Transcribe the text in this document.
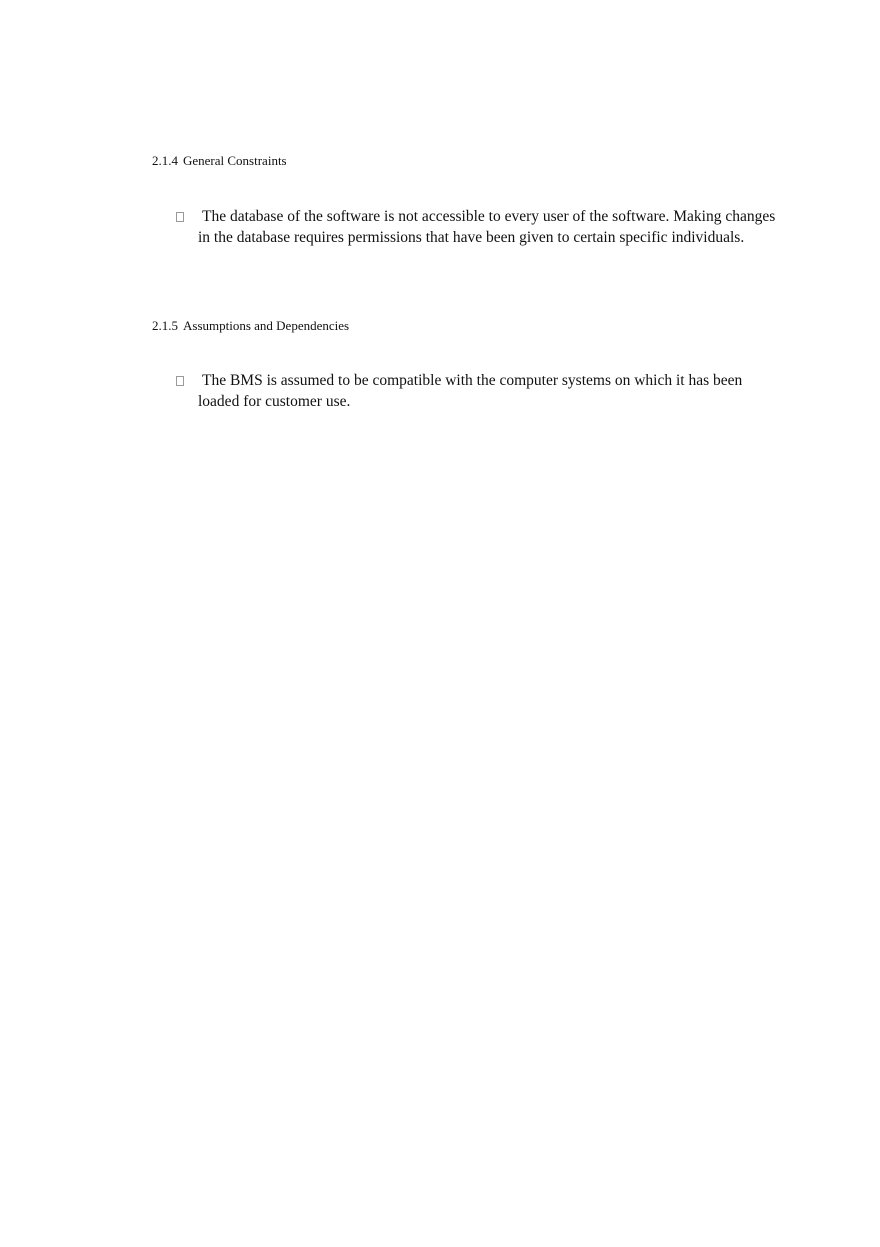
2.1.4 General Constraints

The database of the software is not accessible to every user of the software. Making changes in the database requires permissions that have been given to certain specific individuals.

2.1.5 Assumptions and Dependencies

The BMS is assumed to be compatible with the computer systems on which it has been loaded for customer use.
